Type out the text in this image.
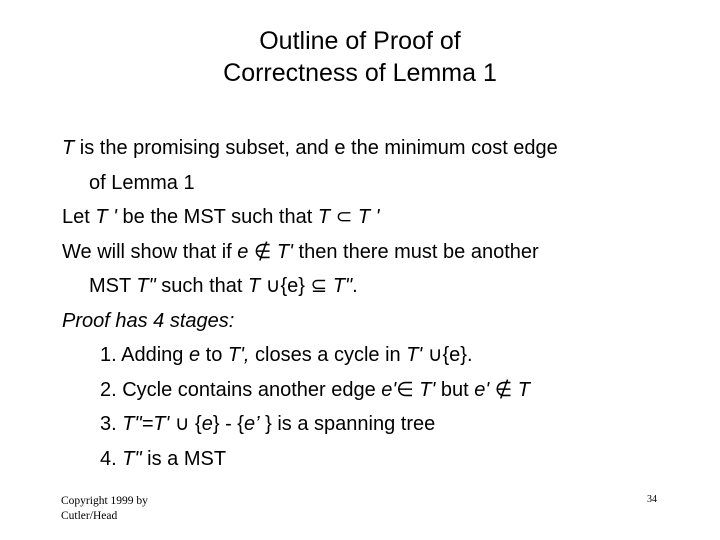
Outline of Proof of
Correctness of Lemma 1
T is the promising subset, and e the minimum cost edge
of Lemma 1
Let T ' be the MST such that T ⊂ T '
We will show that if e ∉ T' then there must be another
MST T" such that T ∪{e} ⊆ T".
Proof has 4 stages:
1. Adding e to T', closes a cycle in T' ∪{e}.
2. Cycle contains another edge e'∈ T' but e' ∉ T
3. T"=T' ∪ {e} - {e’ } is a spanning tree
4. T" is a MST
Copyright 1999 by
Cutler/Head
34
